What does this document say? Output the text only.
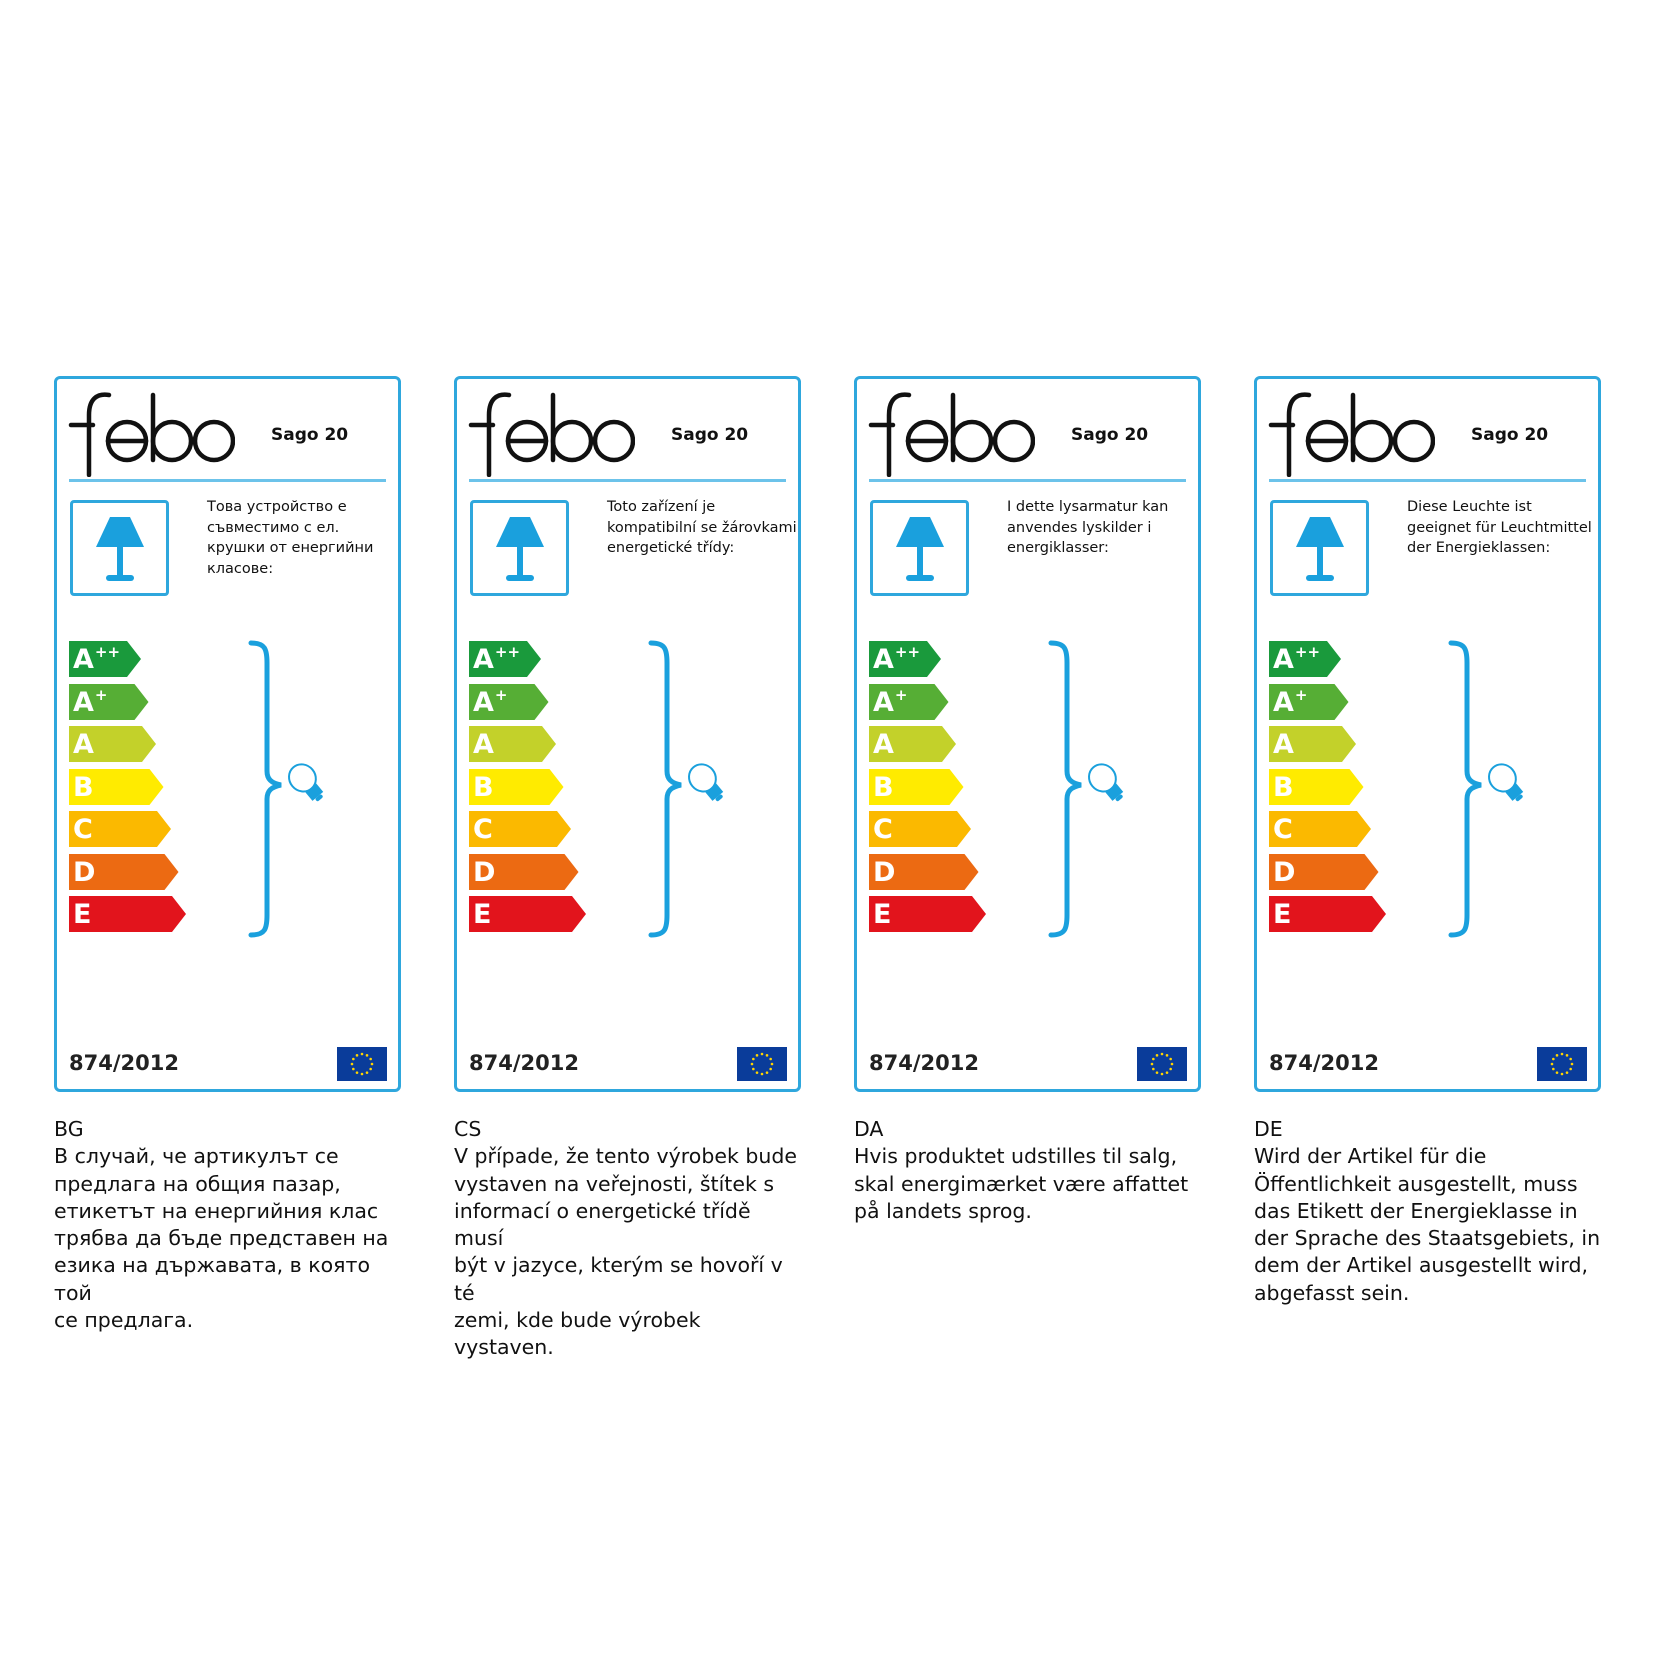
Sago 20
Това устройство е
съвместимо с ел.
крушки от енергийни
класове:
A++
A+
A
B
C
D
E
874/2012
BG
В случай, че артикулът се
предлага на общия пазар,
етикетът на енергийния клас
трябва да бъде представен на
езика на държавата, в която той
се предлага.
Sago 20
Toto zařízení je
kompatibilní se žárovkami
energetické třídy:
A++
A+
A
B
C
D
E
874/2012
CS
V případe, že tento výrobek bude
vystaven na veřejnosti, štítek s
informací o energetické třídě musí
být v jazyce, kterým se hovoří v té
zemi, kde bude výrobek vystaven.
Sago 20
I dette lysarmatur kan
anvendes lyskilder i
energiklasser:
A++
A+
A
B
C
D
E
874/2012
DA
Hvis produktet udstilles til salg,
skal energimærket være affattet
på landets sprog.
Sago 20
Diese Leuchte ist
geeignet für Leuchtmittel
der Energieklassen:
A++
A+
A
B
C
D
E
874/2012
DE
Wird der Artikel für die
Öffentlichkeit ausgestellt, muss
das Etikett der Energieklasse in
der Sprache des Staatsgebiets, in
dem der Artikel ausgestellt wird,
abgefasst sein.
